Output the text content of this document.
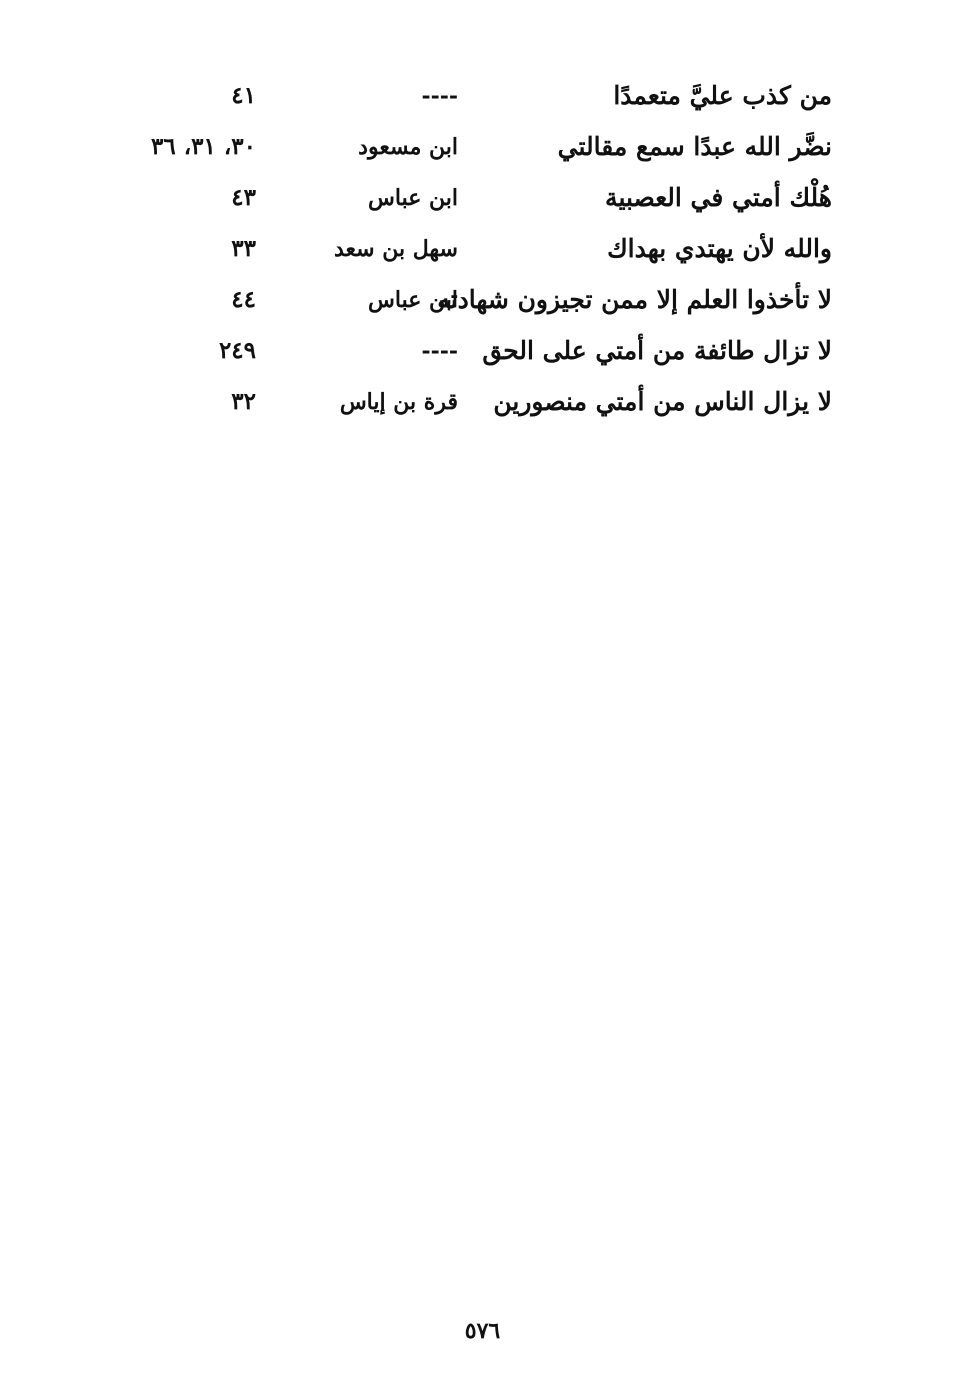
من كذب عليَّ متعمدًا
----
٤١
نضَّر الله عبدًا سمع مقالتي
ابن مسعود
٣٠، ٣١، ٣٦
هُلْك أمتي في العصبية
ابن عباس
٤٣
والله لأن يهتدي بهداك
سهل بن سعد
٣٣
لا تأخذوا العلم إلا ممن تجيزون شهادته
ابن عباس
٤٤
لا تزال طائفة من أمتي على الحق
----
٢٤٩
لا يزال الناس من أمتي منصورين
قرة بن إياس
٣٢
٥٧٦
